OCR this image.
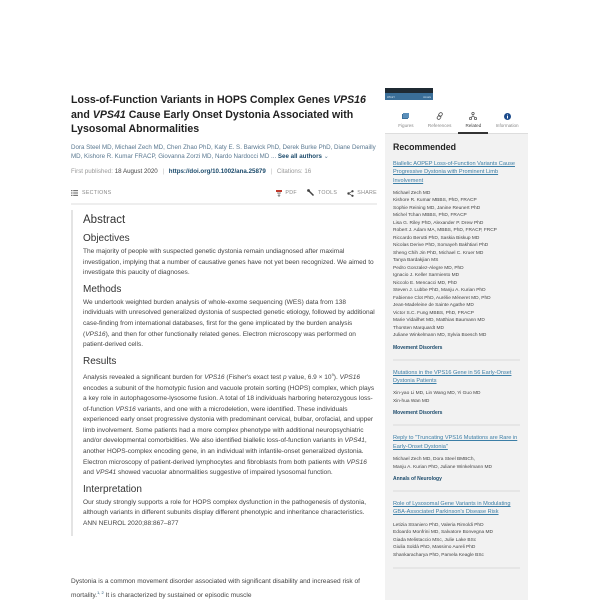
Loss-of-Function Variants in HOPS Complex Genes VPS16 and VPS41 Cause Early Onset Dystonia Associated with Lysosomal Abnormalities
Dora Steel MD, Michael Zech MD, Chen Zhao PhD, Katy E. S. Barwick PhD, Derek Burke PhD, Diane Demailly MD, Kishore R. Kumar FRACP, Giovanna Zorzi MD, Nardo Nardocci MD ... See all authors ⌄
First published: 18 August 2020 | https://doi.org/10.1002/ana.25879 | Citations: 16
SECTIONS	PDF	TOOLS	SHARE
Abstract
Objectives

The majority of people with suspected genetic dystonia remain undiagnosed after maximal investigation, implying that a number of causative genes have not yet been recognized. We aimed to investigate this paucity of diagnoses.

Methods

We undertook weighted burden analysis of whole-exome sequencing (WES) data from 138 individuals with unresolved generalized dystonia of suspected genetic etiology, followed by additional case-finding from international databases, first for the gene implicated by the burden analysis (VPS16), and then for other functionally related genes. Electron microscopy was performed on patient-derived cells.

Results

Analysis revealed a significant burden for VPS16 (Fisher's exact test p value, $6.9 \times 10^9$). VPS16 encodes a subunit of the homotypic fusion and vacuole protein sorting (HOPS) complex, which plays a key role in autophagosome-lysosome fusion. A total of 18 individuals harboring heterozygous loss-of-function VPS16 variants, and one with a microdeletion, were identified. These individuals experienced early onset progressive dystonia with predominant cervical, bulbar, orofacial, and upper limb involvement. Some patients had a more complex phenotype with additional neuropsychiatric and/or developmental comorbidities. We also identified biallelic loss-of-function variants in VPS41, another HOPS-complex encoding gene, in an individual with infantile-onset generalized dystonia. Electron microscopy of patient-derived lymphocytes and fibroblasts from both patients with VPS16 and VPS41 showed vacuolar abnormalities suggestive of impaired lysosomal function.

Interpretation

Our study strongly supports a role for HOPS complex dysfunction in the pathogenesis of dystonia, although variants in different subunits display different phenotypic and inheritance characteristics. ANN NEUROL 2020;88:867–877

Dystonia is a common movement disorder associated with significant disability and increased risk of mortality.$^{1, 2}$ It is characterized by sustained or episodic muscle
WILEY	Annals
Figures	References	Related	Information
Recommended
Biallelic AOPEP Loss-of-Function Variants Cause Progressive Dystonia with Prominent Limb Involvement
Michael Zech MD
Kishore R. Kumar MBBS, PhD, FRACP
Sophie Reining MD, Janine Reunert PhD
Michel Tchan MBBS, PhD, FRACP
Lisa G. Riley PhD, Alexander P. Drew PhD
Robert J. Adam MA, MBBS, PhD, FRACP, FRCP
Riccardo Berutti PhD, Saskia Biskup MD
Nicolas Derive PhD, Somayeh Bakhtiari PhD
Sheng Chih Jin PhD, Michael C. Kruer MD
Tanya Bardakjian MS
Pedro Gonzalez-Alegre MD, PhD
Ignacio J. Keller Sarmiento MD
Niccolo E. Mencacci MD, PhD
Steven J. Lubbe PhD, Manju A. Kurian PhD
Fabienne Clot PhD, Aurélie Méneret MD, PhD
Jean-Madeleine de Sainte Agathe MD
Victor S.C. Fung MBBS, PhD, FRACP
Marie Vidailhet MD, Matthias Baumann MD
Thorsten Marquardt MD
Juliane Winkelmann MD, Sylvia Boesch MD
Movement Disorders
Mutations in the VPS16 Gene in 56 Early-Onset Dystonia Patients
Xin-yao Li MD, Lin Wang MD, Yi Guo MD
Xin-hua Wan MD
Movement Disorders
Reply to "Truncating VPS16 Mutations are Rare in Early-Onset Dystonia"
Michael Zech MD, Dora Steel BMBCh,
Manju A. Kurian PhD, Juliane Winkelmann MD
Annals of Neurology
Role of Lysosomal Gene Variants in Modulating GBA-Associated Parkinson's Disease Risk
Letizia Straniero PhD, Valeria Rimoldi PhD
Edoardo Monfrini MD, Salvatore Bonvegna MD
Giada Melistaccio MSc, Julie Lake BSc
Giulia Soldà PhD, Massimo Aureli PhD
Shankaracharya PhD, Pamela Keagle BSc
